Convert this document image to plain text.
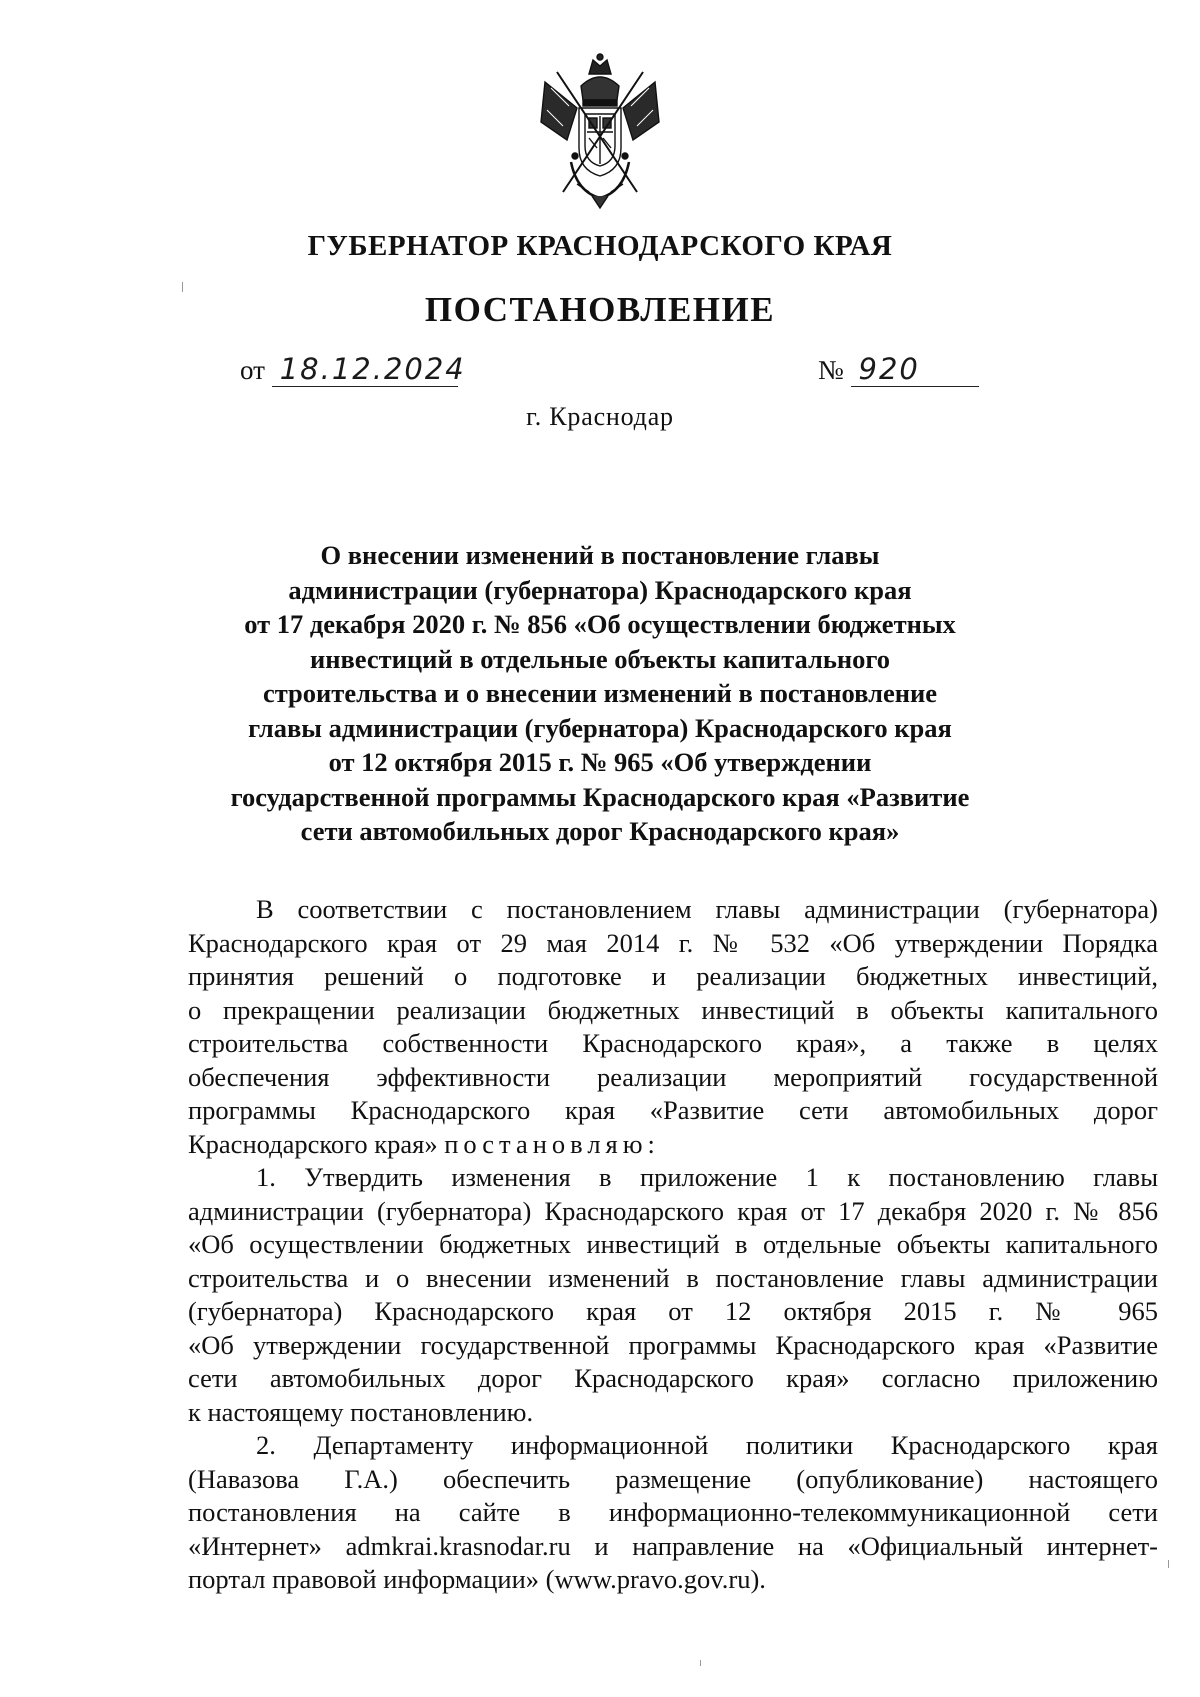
ГУБЕРНАТОР КРАСНОДАРСКОГО КРАЯ
ПОСТАНОВЛЕНИЕ
от 18.12.2024	№ 920
г. Краснодар
О внесении изменений в постановление главы
администрации (губернатора) Краснодарского края
от 17 декабря 2020 г. № 856 «Об осуществлении бюджетных
инвестиций в отдельные объекты капитального
строительства и о внесении изменений в постановление
главы администрации (губернатора) Краснодарского края
от 12 октября 2015 г. № 965 «Об утверждении
государственной программы Краснодарского края «Развитие
сети автомобильных дорог Краснодарского края»
В соответствии с постановлением главы администрации (губернатора)
Краснодарского края от 29 мая 2014 г. № 532 «Об утверждении Порядка
принятия решений о подготовке и реализации бюджетных инвестиций,
о прекращении реализации бюджетных инвестиций в объекты капитального
строительства собственности Краснодарского края», а также в целях
обеспечения эффективности реализации мероприятий государственной
программы Краснодарского края «Развитие сети автомобильных дорог
Краснодарского края» постановляю:
1. Утвердить изменения в приложение 1 к постановлению главы
администрации (губернатора) Краснодарского края от 17 декабря 2020 г. № 856
«Об осуществлении бюджетных инвестиций в отдельные объекты капитального
строительства и о внесении изменений в постановление главы администрации
(губернатора) Краснодарского края от 12 октября 2015 г. № 965
«Об утверждении государственной программы Краснодарского края «Развитие
сети автомобильных дорог Краснодарского края» согласно приложению
к настоящему постановлению.
2. Департаменту информационной политики Краснодарского края
(Навазова Г.А.) обеспечить размещение (опубликование) настоящего
постановления на сайте в информационно-телекоммуникационной сети
«Интернет» admkrai.krasnodar.ru и направление на «Официальный интернет-
портал правовой информации» (www.pravo.gov.ru).
